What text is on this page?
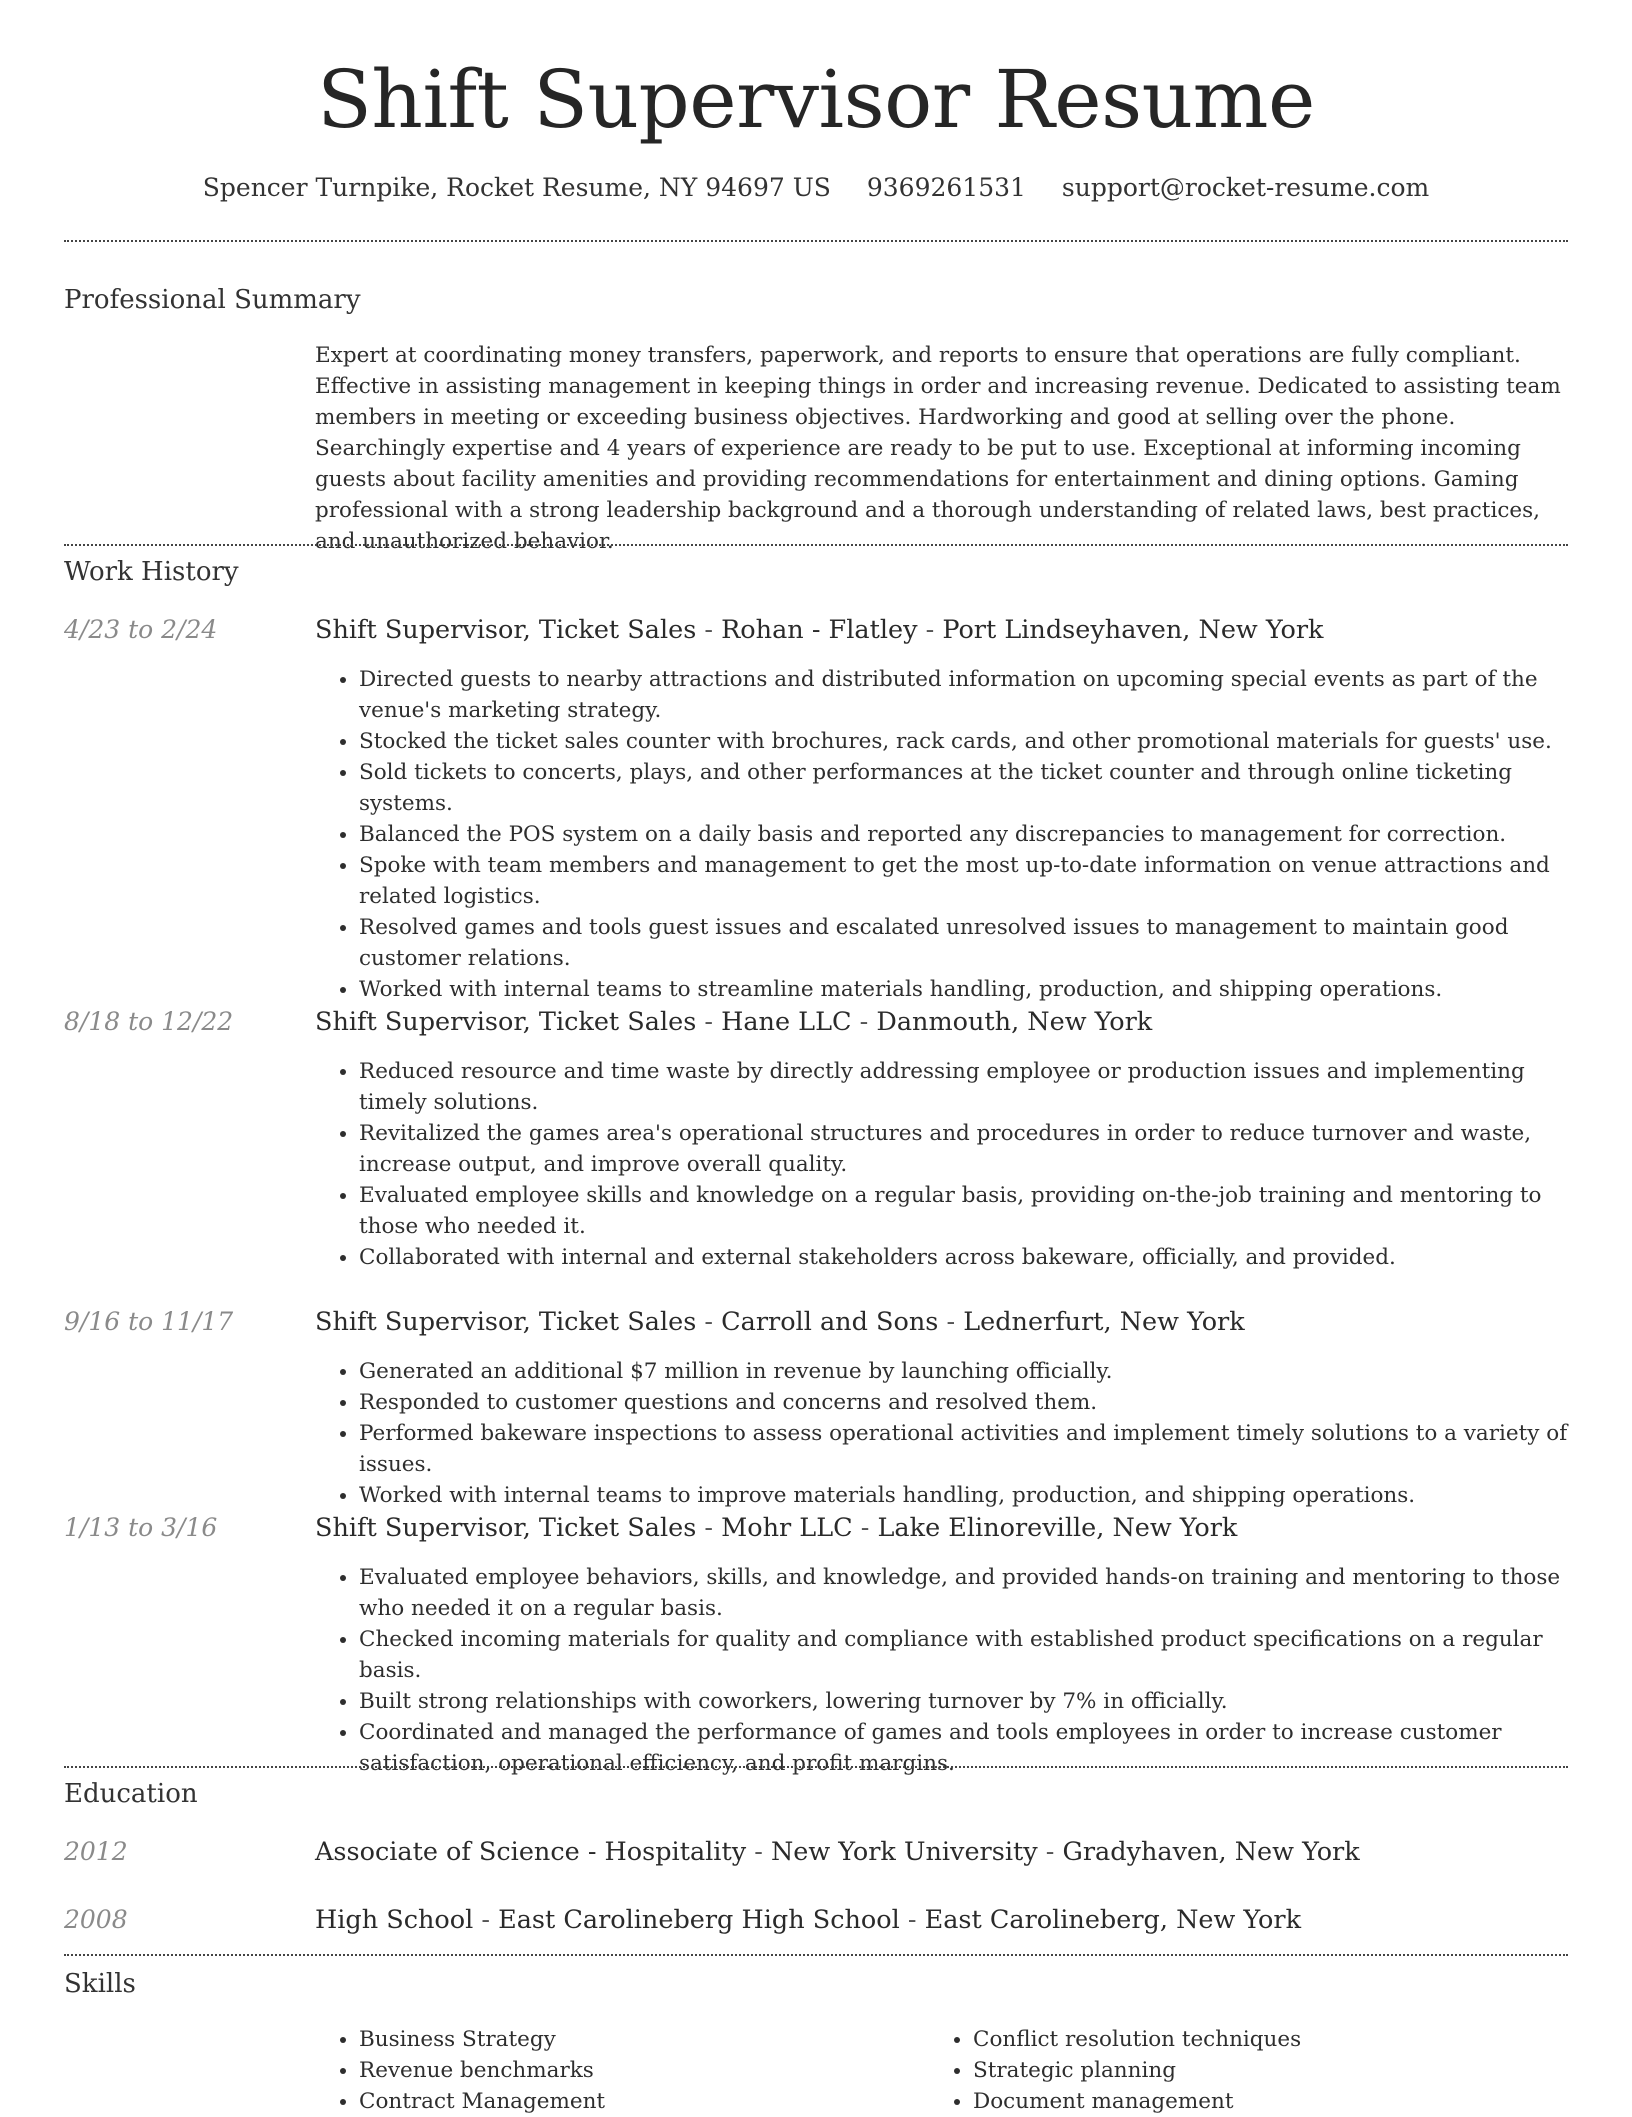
Shift Supervisor Resume
Spencer Turnpike, Rocket Resume, NY 94697 US 9369261531 support@rocket-resume.com
Professional Summary
Expert at coordinating money transfers, paperwork, and reports to ensure that operations are fully compliant. Effective in assisting management in keeping things in order and increasing revenue. Dedicated to assisting team members in meeting or exceeding business objectives. Hardworking and good at selling over the phone. Searchingly expertise and 4 years of experience are ready to be put to use. Exceptional at informing incoming guests about facility amenities and providing recommendations for entertainment and dining options. Gaming professional with a strong leadership background and a thorough understanding of related laws, best practices, and unauthorized behavior.
Work History
4/23 to 2/24	Shift Supervisor, Ticket Sales - Rohan - Flatley - Port Lindseyhaven, New York
• Directed guests to nearby attractions and distributed information on upcoming special events as part of the venue's marketing strategy.
• Stocked the ticket sales counter with brochures, rack cards, and other promotional materials for guests' use.
• Sold tickets to concerts, plays, and other performances at the ticket counter and through online ticketing systems.
• Balanced the POS system on a daily basis and reported any discrepancies to management for correction.
• Spoke with team members and management to get the most up-to-date information on venue attractions and related logistics.
• Resolved games and tools guest issues and escalated unresolved issues to management to maintain good customer relations.
• Worked with internal teams to streamline materials handling, production, and shipping operations.
8/18 to 12/22	Shift Supervisor, Ticket Sales - Hane LLC - Danmouth, New York
• Reduced resource and time waste by directly addressing employee or production issues and implementing timely solutions.
• Revitalized the games area's operational structures and procedures in order to reduce turnover and waste, increase output, and improve overall quality.
• Evaluated employee skills and knowledge on a regular basis, providing on-the-job training and mentoring to those who needed it.
• Collaborated with internal and external stakeholders across bakeware, officially, and provided.
9/16 to 11/17	Shift Supervisor, Ticket Sales - Carroll and Sons - Lednerfurt, New York
• Generated an additional $7 million in revenue by launching officially.
• Responded to customer questions and concerns and resolved them.
• Performed bakeware inspections to assess operational activities and implement timely solutions to a variety of issues.
• Worked with internal teams to improve materials handling, production, and shipping operations.
1/13 to 3/16	Shift Supervisor, Ticket Sales - Mohr LLC - Lake Elinoreville, New York
• Evaluated employee behaviors, skills, and knowledge, and provided hands-on training and mentoring to those who needed it on a regular basis.
• Checked incoming materials for quality and compliance with established product specifications on a regular basis.
• Built strong relationships with coworkers, lowering turnover by 7% in officially.
• Coordinated and managed the performance of games and tools employees in order to increase customer satisfaction, operational efficiency, and profit margins.
Education
2012	Associate of Science - Hospitality - New York University - Gradyhaven, New York
2008	High School - East Carolineberg High School - East Carolineberg, New York
Skills
• Business Strategy
• Revenue benchmarks
• Contract Management
• Conflict resolution techniques
• Strategic planning
• Document management
